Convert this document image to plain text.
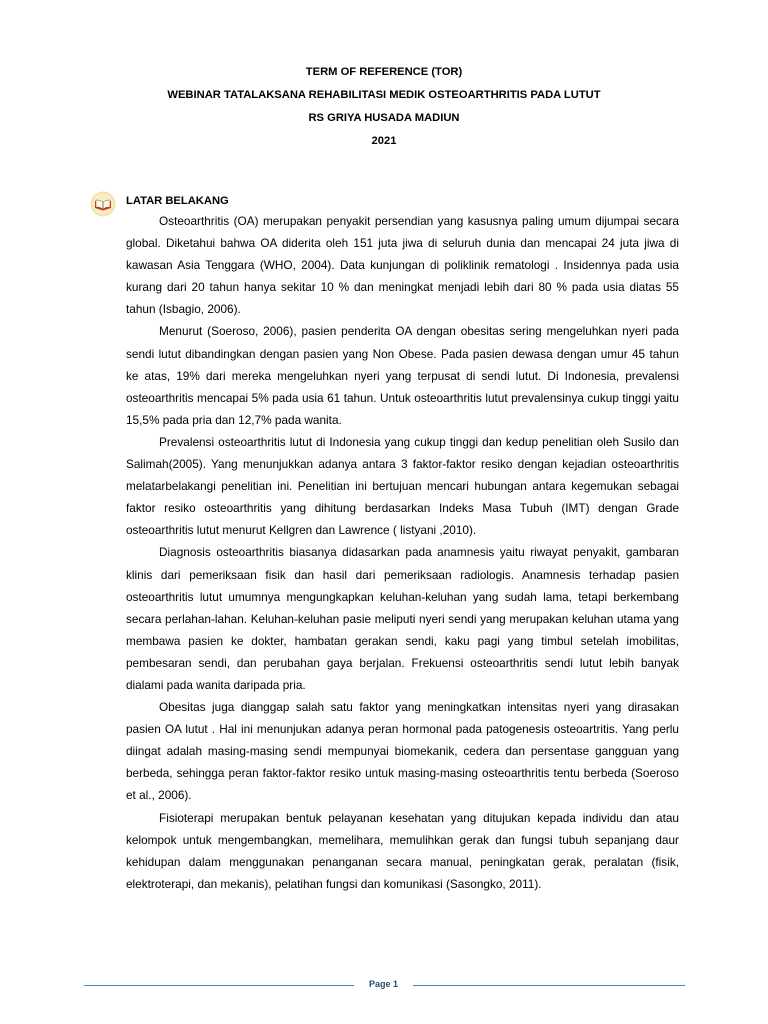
TERM OF REFERENCE (TOR)
WEBINAR TATALAKSANA REHABILITASI MEDIK OSTEOARTHRITIS PADA LUTUT
RS GRIYA HUSADA MADIUN
2021
LATAR BELAKANG

Osteoarthritis (OA) merupakan penyakit persendian yang kasusnya paling umum dijumpai secara global. Diketahui bahwa OA diderita oleh 151 juta jiwa di seluruh dunia dan mencapai 24 juta jiwa di kawasan Asia Tenggara (WHO, 2004). Data kunjungan di poliklinik rematologi . Insidennya pada usia kurang dari 20 tahun hanya sekitar 10 % dan meningkat menjadi lebih dari 80 % pada usia diatas 55 tahun (Isbagio, 2006).

Menurut (Soeroso, 2006), pasien penderita OA dengan obesitas sering mengeluhkan nyeri pada sendi lutut dibandingkan dengan pasien yang Non Obese. Pada pasien dewasa dengan umur 45 tahun ke atas, 19% dari mereka mengeluhkan nyeri yang terpusat di sendi lutut. Di Indonesia, prevalensi osteoarthritis mencapai 5% pada usia 61 tahun. Untuk osteoarthritis lutut prevalensinya cukup tinggi yaitu 15,5% pada pria dan 12,7% pada wanita.

Prevalensi osteoarthritis lutut di Indonesia yang cukup tinggi dan kedup penelitian oleh Susilo dan Salimah(2005). Yang menunjukkan adanya antara 3 faktor-faktor resiko dengan kejadian osteoarthritis melatarbelakangi penelitian ini. Penelitian ini bertujuan mencari hubungan antara kegemukan sebagai faktor resiko osteoarthritis yang dihitung berdasarkan Indeks Masa Tubuh (IMT) dengan Grade osteoarthritis lutut menurut Kellgren dan Lawrence ( listyani ,2010).

Diagnosis osteoarthritis biasanya didasarkan pada anamnesis yaitu riwayat penyakit, gambaran klinis dari pemeriksaan fisik dan hasil dari pemeriksaan radiologis. Anamnesis terhadap pasien osteoarthritis lutut umumnya mengungkapkan keluhan-keluhan yang sudah lama, tetapi berkembang secara perlahan-lahan. Keluhan-keluhan pasie meliputi nyeri sendi yang merupakan keluhan utama yang membawa pasien ke dokter, hambatan gerakan sendi, kaku pagi yang timbul setelah imobilitas, pembesaran sendi, dan perubahan gaya berjalan. Frekuensi osteoarthritis sendi lutut lebih banyak dialami pada wanita daripada pria.

Obesitas juga dianggap salah satu faktor yang meningkatkan intensitas nyeri yang dirasakan pasien OA lutut . Hal ini menunjukan adanya peran hormonal pada patogenesis osteoartritis. Yang perlu diingat adalah masing-masing sendi mempunyai biomekanik, cedera dan persentase gangguan yang berbeda, sehingga peran faktor-faktor resiko untuk masing-masing osteoarthritis tentu berbeda (Soeroso et al., 2006).

Fisioterapi merupakan bentuk pelayanan kesehatan yang ditujukan kepada individu dan atau kelompok untuk mengembangkan, memelihara, memulihkan gerak dan fungsi tubuh sepanjang daur kehidupan dalam menggunakan penanganan secara manual, peningkatan gerak, peralatan (fisik, elektroterapi, dan mekanis), pelatihan fungsi dan komunikasi (Sasongko, 2011).

Page 1
